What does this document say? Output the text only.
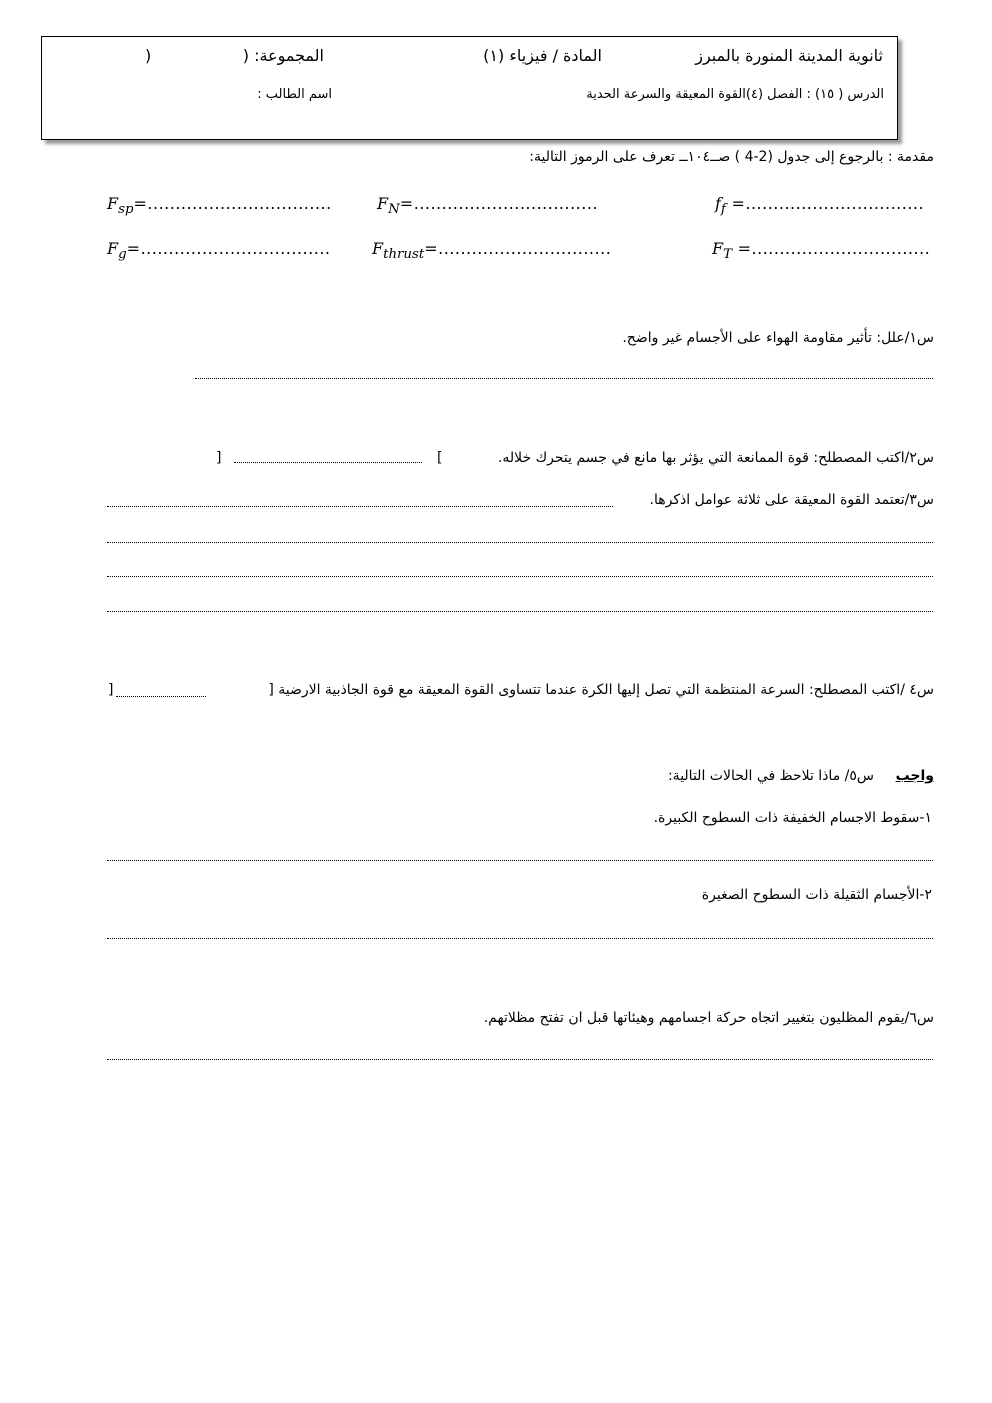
ثانوية المدينة المنورة بالمبرز
المادة / فيزياء (١)
المجموعة: (
)
الدرس ( ١٥) : الفصل (٤)القوة المعيقة والسرعة الحدية
اسم الطالب :
مقدمة : بالرجوع إلى جدول (2-4 ) صــ١٠٤ــ تعرف على الرموز التالية:
$F_{sp}=$.................................	$F_N=$.................................	$f_f$ =................................
$F_g=$..................................	$F_{thrust}=$...............................	$F_T$ =................................
س١/علل: تأثير مقاومة الهواء على الأجسام غير واضح.
س٢/اكتب المصطلح: قوة الممانعة التي يؤثر بها مانع في جسم يتحرك خلاله.
[
]
س٣/تعتمد القوة المعيقة على ثلاثة عوامل اذكرها.
س٤ /اكتب المصطلح: السرعة المنتظمة التي تصل إليها الكرة عندما تتساوى القوة المعيقة مع قوة الجاذبية الارضية [
]
واجب
س٥/ ماذا تلاحظ في الحالات التالية:
١-سقوط الاجسام الخفيفة ذات السطوح الكبيرة.
٢-الأجسام الثقيلة ذات السطوح الصغيرة
س٦/يقوم المظليون بتغيير اتجاه حركة اجسامهم وهيئاتها قبل ان تفتح مظلاتهم.
